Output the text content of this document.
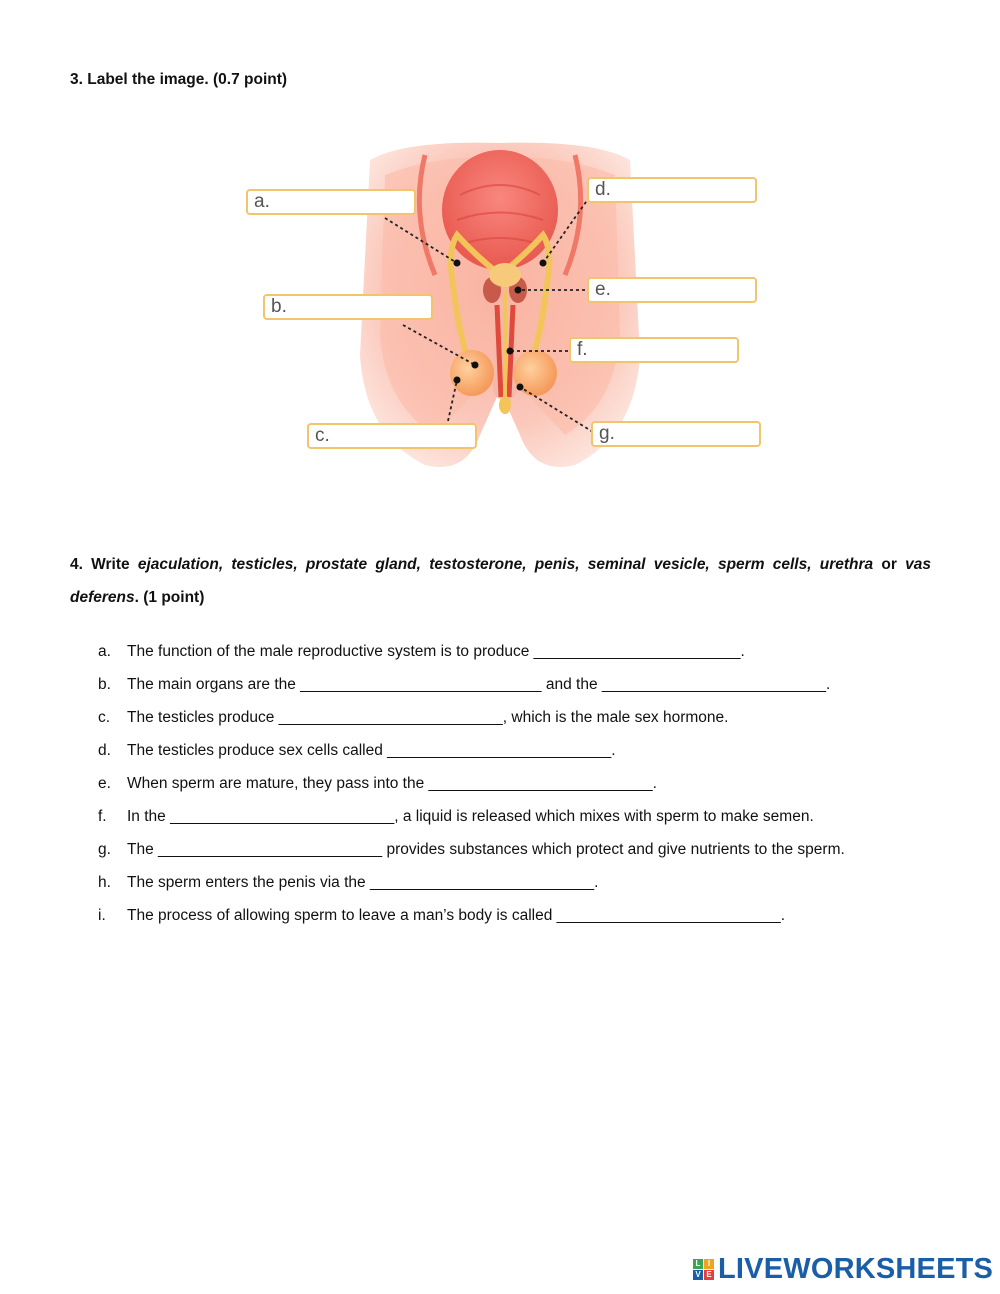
3. Label the image. (0.7 point)
a.
b.
c.
d.
e.
f.
g.

4. Write ejaculation, testicles, prostate gland, testosterone, penis, seminal vesicle, sperm cells, urethra or vas deferens. (1 point)

a.	The function of the male reproductive system is to produce ________________________.
b.	The main organs are the ____________________________ and the __________________________.
c.	The testicles produce __________________________, which is the male sex hormone.
d.	The testicles produce sex cells called __________________________.
e.	When sperm are mature, they pass into the __________________________.
f.	In the __________________________, a liquid is released which mixes with sperm to make semen.
g.	The __________________________ provides substances which protect and give nutrients to the sperm.
h.	The sperm enters the penis via the __________________________.
i.	The process of allowing sperm to leave a man’s body is called __________________________.
L I
V E LIVEWORKSHEETS
